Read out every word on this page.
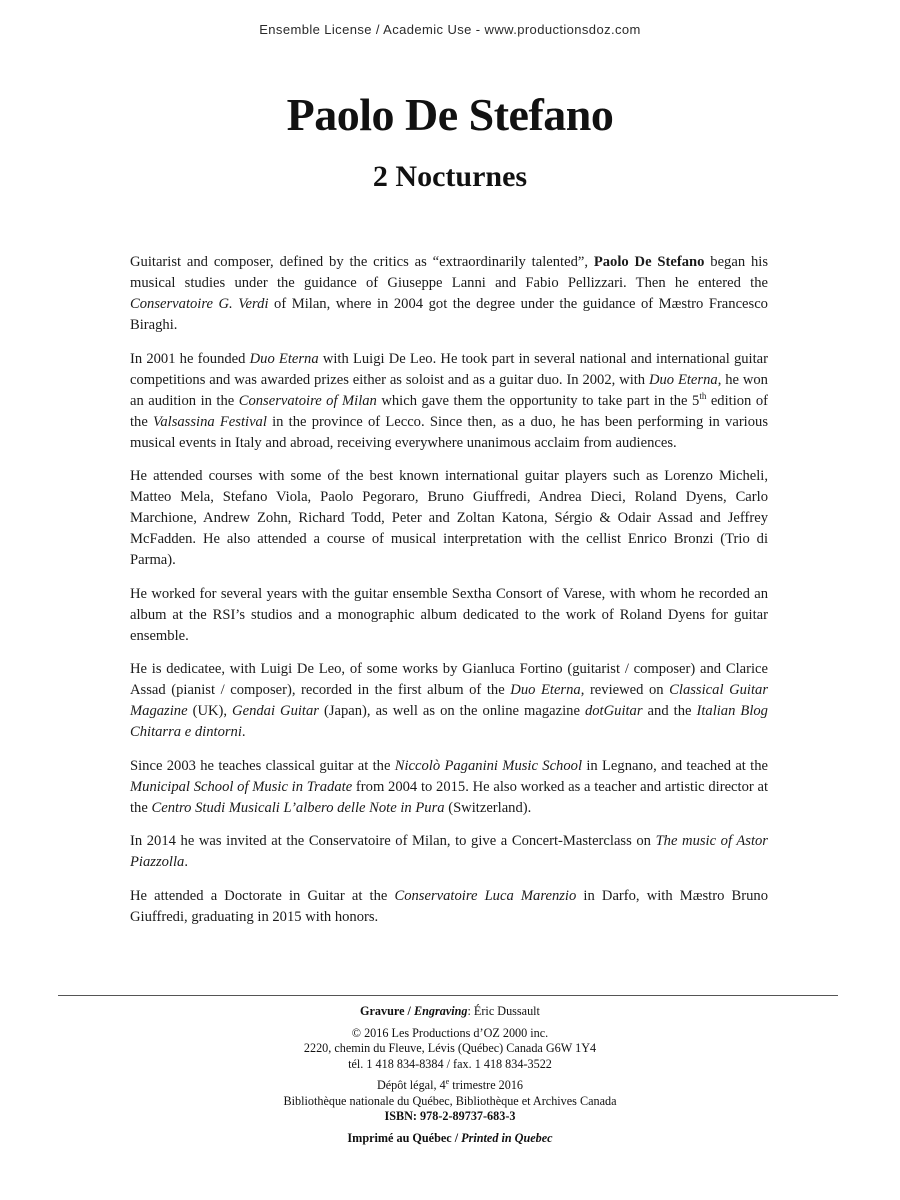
Ensemble License / Academic Use - www.productionsdoz.com
Paolo De Stefano
2 Nocturnes

Guitarist and composer, defined by the critics as “extraordinarily talented”, Paolo De Stefano began his musical studies under the guidance of Giuseppe Lanni and Fabio Pellizzari. Then he entered the Conservatoire G. Verdi of Milan, where in 2004 got the degree under the guidance of Mæstro Francesco Biraghi.

In 2001 he founded Duo Eterna with Luigi De Leo. He took part in several national and international guitar competitions and was awarded prizes either as soloist and as a guitar duo. In 2002, with Duo Eterna, he won an audition in the Conservatoire of Milan which gave them the opportunity to take part in the 5th edition of the Valsassina Festival in the province of Lecco. Since then, as a duo, he has been performing in various musical events in Italy and abroad, receiving everywhere unanimous acclaim from audiences.

He attended courses with some of the best known international guitar players such as Lorenzo Micheli, Matteo Mela, Stefano Viola, Paolo Pegoraro, Bruno Giuffredi, Andrea Dieci, Roland Dyens, Carlo Marchione, Andrew Zohn, Richard Todd, Peter and Zoltan Katona, Sérgio & Odair Assad and Jeffrey McFadden. He also attended a course of musical interpretation with the cellist Enrico Bronzi (Trio di Parma).

He worked for several years with the guitar ensemble Sextha Consort of Varese, with whom he recorded an album at the RSI’s studios and a monographic album dedicated to the work of Roland Dyens for guitar ensemble.

He is dedicatee, with Luigi De Leo, of some works by Gianluca Fortino (guitarist / composer) and Clarice Assad (pianist / composer), recorded in the first album of the Duo Eterna, reviewed on Classical Guitar Magazine (UK), Gendai Guitar (Japan), as well as on the online magazine dotGuitar and the Italian Blog Chitarra e dintorni.

Since 2003 he teaches classical guitar at the Niccolò Paganini Music School in Legnano, and teached at the Municipal School of Music in Tradate from 2004 to 2015. He also worked as a teacher and artistic director at the Centro Studi Musicali L’albero delle Note in Pura (Switzerland).

In 2014 he was invited at the Conservatoire of Milan, to give a Concert-Masterclass on The music of Astor Piazzolla.

He attended a Doctorate in Guitar at the Conservatoire Luca Marenzio in Darfo, with Mæstro Bruno Giuffredi, graduating in 2015 with honors.

Gravure / Engraving: Éric Dussault
© 2016 Les Productions d’OZ 2000 inc.
2220, chemin du Fleuve, Lévis (Québec) Canada G6W 1Y4
tél. 1 418 834-8384 / fax. 1 418 834-3522
Dépôt légal, 4e trimestre 2016
Bibliothèque nationale du Québec, Bibliothèque et Archives Canada
ISBN: 978-2-89737-683-3
Imprimé au Québec / Printed in Quebec
